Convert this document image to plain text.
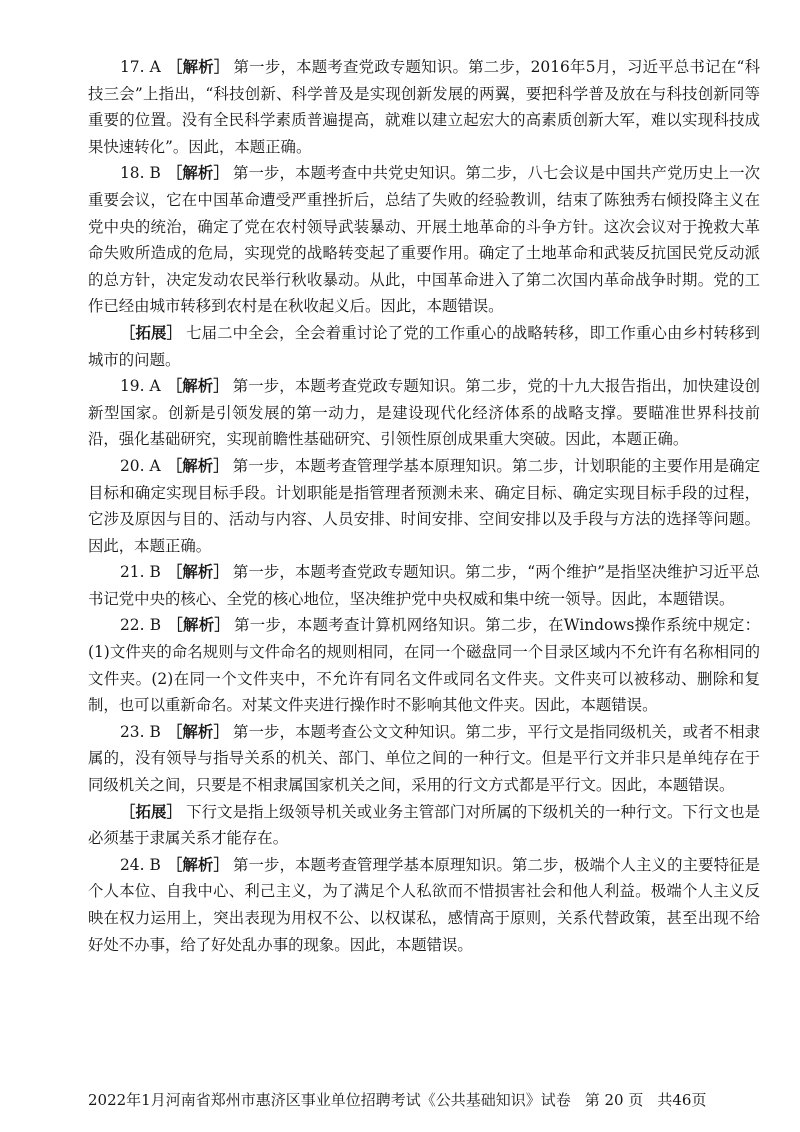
17. A ［解析］ 第一步，本题考查党政专题知识。第二步，2016年5月，习近平总书记在“科技三会”上指出，“科技创新、科学普及是实现创新发展的两翼，要把科学普及放在与科技创新同等重要的位置。没有全民科学素质普遍提高，就难以建立起宏大的高素质创新大军，难以实现科技成果快速转化”。因此，本题正确。

18. B ［解析］ 第一步，本题考查中共党史知识。第二步，八七会议是中国共产党历史上一次重要会议，它在中国革命遭受严重挫折后，总结了失败的经验教训，结束了陈独秀右倾投降主义在党中央的统治，确定了党在农村领导武装暴动、开展土地革命的斗争方针。这次会议对于挽救大革命失败所造成的危局，实现党的战略转变起了重要作用。确定了土地革命和武装反抗国民党反动派的总方针，决定发动农民举行秋收暴动。从此，中国革命进入了第二次国内革命战争时期。党的工作已经由城市转移到农村是在秋收起义后。因此，本题错误。

［拓展］ 七届二中全会，全会着重讨论了党的工作重心的战略转移，即工作重心由乡村转移到城市的问题。

19. A ［解析］ 第一步，本题考查党政专题知识。第二步，党的十九大报告指出，加快建设创新型国家。创新是引领发展的第一动力，是建设现代化经济体系的战略支撑。要瞄准世界科技前沿，强化基础研究，实现前瞻性基础研究、引领性原创成果重大突破。因此，本题正确。

20. A ［解析］ 第一步，本题考查管理学基本原理知识。第二步，计划职能的主要作用是确定目标和确定实现目标手段。计划职能是指管理者预测未来、确定目标、确定实现目标手段的过程，它涉及原因与目的、活动与内容、人员安排、时间安排、空间安排以及手段与方法的选择等问题。因此，本题正确。

21. B ［解析］ 第一步，本题考查党政专题知识。第二步，“两个维护”是指坚决维护习近平总书记党中央的核心、全党的核心地位，坚决维护党中央权威和集中统一领导。因此，本题错误。

22. B ［解析］ 第一步，本题考查计算机网络知识。第二步，在Windows操作系统中规定：(1)文件夹的命名规则与文件命名的规则相同，在同一个磁盘同一个目录区域内不允许有名称相同的文件夹。(2)在同一个文件夹中，不允许有同名文件或同名文件夹。文件夹可以被移动、删除和复制，也可以重新命名。对某文件夹进行操作时不影响其他文件夹。因此，本题错误。

23. B ［解析］ 第一步，本题考查公文文种知识。第二步，平行文是指同级机关，或者不相隶属的，没有领导与指导关系的机关、部门、单位之间的一种行文。但是平行文并非只是单纯存在于同级机关之间，只要是不相隶属国家机关之间，采用的行文方式都是平行文。因此，本题错误。

［拓展］ 下行文是指上级领导机关或业务主管部门对所属的下级机关的一种行文。下行文也是必须基于隶属关系才能存在。

24. B ［解析］ 第一步，本题考查管理学基本原理知识。第二步，极端个人主义的主要特征是个人本位、自我中心、利己主义，为了满足个人私欲而不惜损害社会和他人利益。极端个人主义反映在权力运用上，突出表现为用权不公、以权谋私，感情高于原则，关系代替政策，甚至出现不给好处不办事，给了好处乱办事的现象。因此，本题错误。

2022年1月河南省郑州市惠济区事业单位招聘考试《公共基础知识》试卷 第 20 页 共46页
